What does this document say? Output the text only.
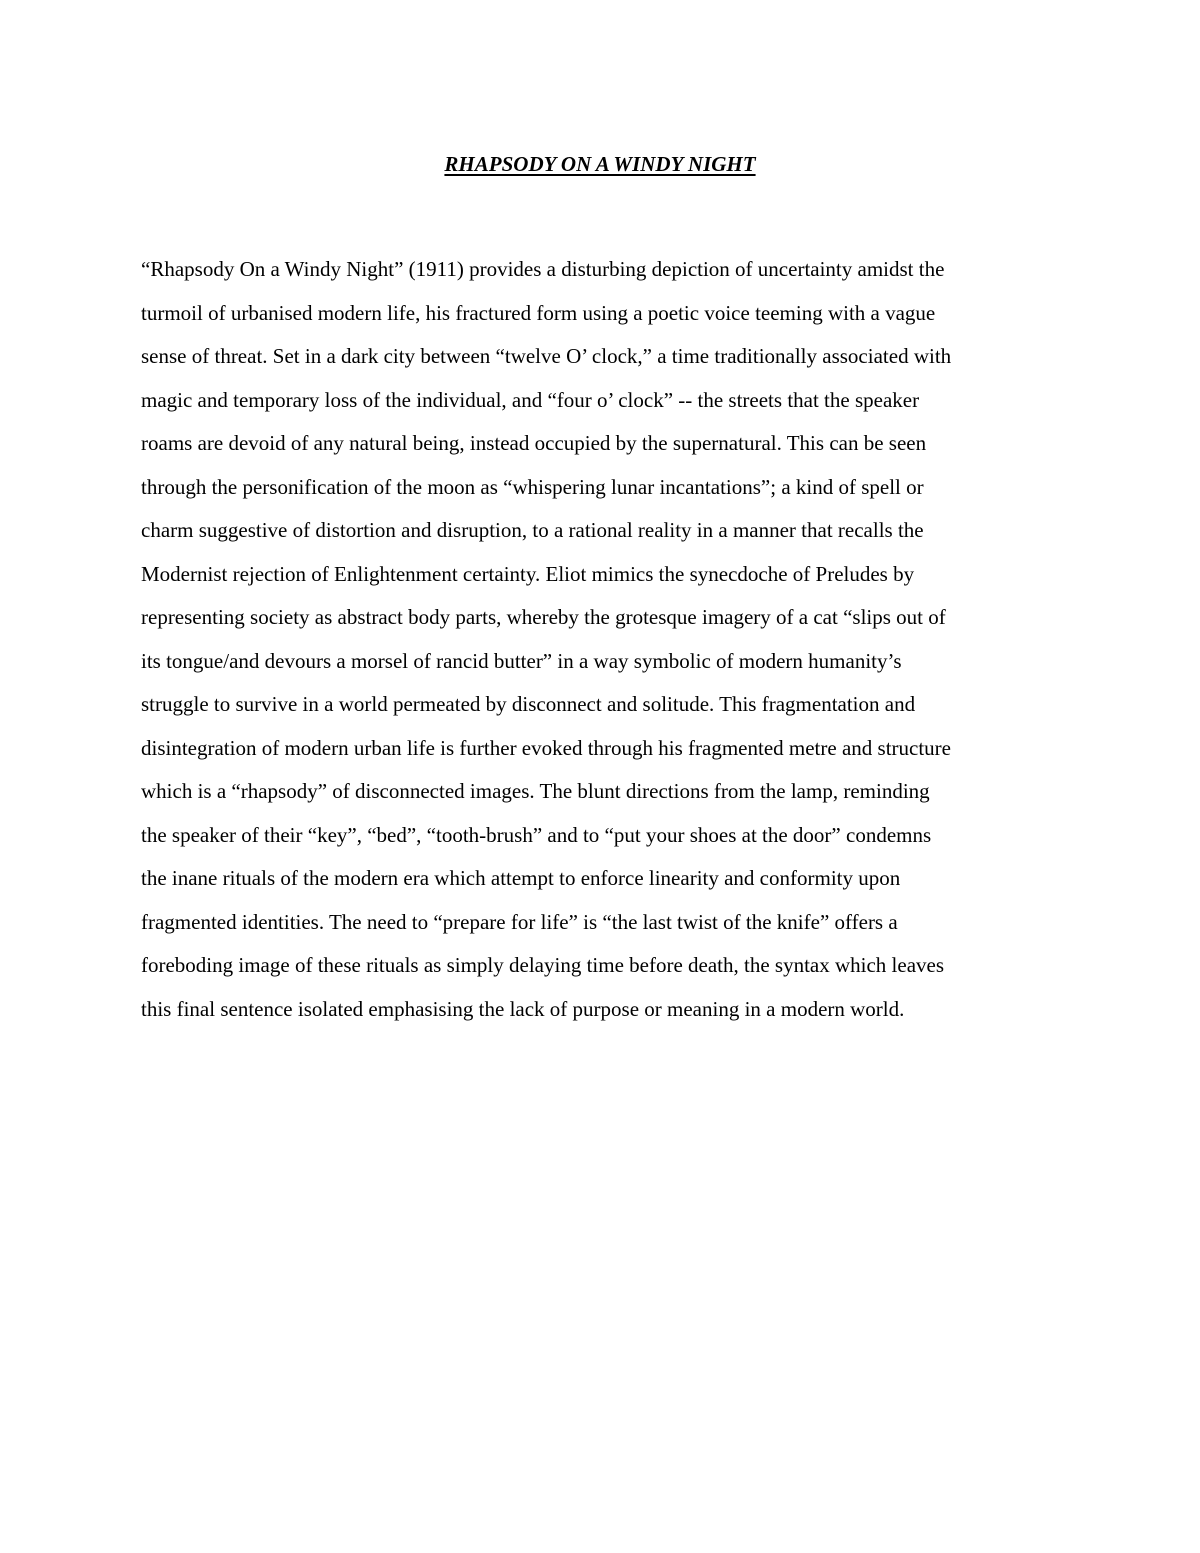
RHAPSODY ON A WINDY NIGHT
“Rhapsody On a Windy Night” (1911) provides a disturbing depiction of uncertainty amidst the
turmoil of urbanised modern life, his fractured form using a poetic voice teeming with a vague
sense of threat. Set in a dark city between “twelve O’ clock,” a time traditionally associated with
magic and temporary loss of the individual, and “four o’ clock” -- the streets that the speaker
roams are devoid of any natural being, instead occupied by the supernatural. This can be seen
through the personification of the moon as “whispering lunar incantations”; a kind of spell or
charm suggestive of distortion and disruption, to a rational reality in a manner that recalls the
Modernist rejection of Enlightenment certainty. Eliot mimics the synecdoche of Preludes by
representing society as abstract body parts, whereby the grotesque imagery of a cat “slips out of
its tongue/and devours a morsel of rancid butter” in a way symbolic of modern humanity’s
struggle to survive in a world permeated by disconnect and solitude. This fragmentation and
disintegration of modern urban life is further evoked through his fragmented metre and structure
which is a “rhapsody” of disconnected images. The blunt directions from the lamp, reminding
the speaker of their “key”, “bed”, “tooth-brush” and to “put your shoes at the door” condemns
the inane rituals of the modern era which attempt to enforce linearity and conformity upon
fragmented identities. The need to “prepare for life” is “the last twist of the knife” offers a
foreboding image of these rituals as simply delaying time before death, the syntax which leaves
this final sentence isolated emphasising the lack of purpose or meaning in a modern world.
